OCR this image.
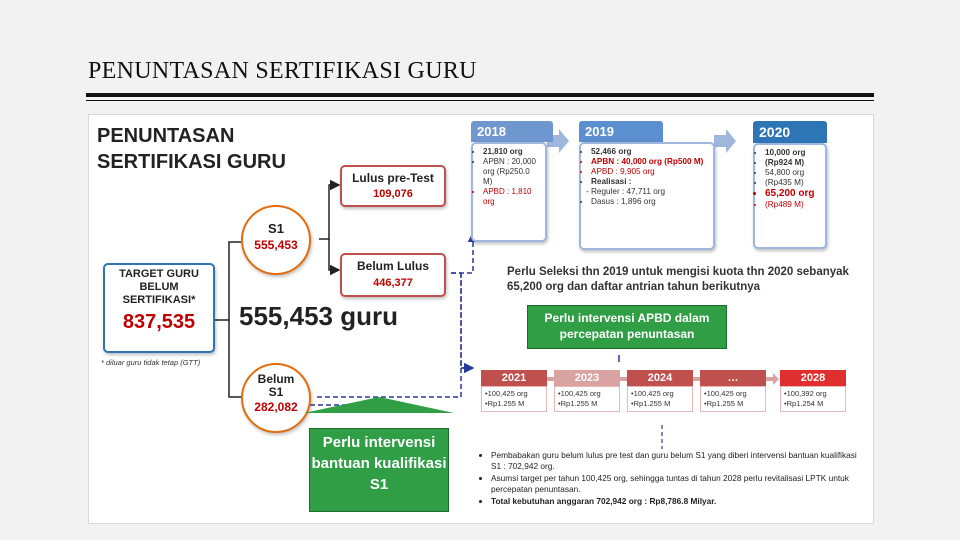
PENUNTASAN SERTIFIKASI GURU
PENUNTASAN SERTIFIKASI GURU
TARGET GURU BELUM SERTIFIKASI*
837,535
* diluar guru tidak tetap (GTT)
S1
555,453
Belum S1
282,082
555,453 guru
Lulus pre-Test
109,076
Belum Lulus
446,377
2018
• 21,810 org
• APBN : 20,000 org (Rp250.0 M)
• APBD : 1,810 org
2019
• 52,466 org
• APBN : 40,000 org (Rp500 M)
• APBD : 9,905 org
• Realisasi :
- Reguler : 47,711 org
• Dasus : 1,896 org
2020
• 10,000 org
• (Rp924 M)
• 54,800 org
• (Rp435 M)
• 65,200 org
• (Rp489 M)
Perlu Seleksi thn 2019 untuk mengisi kuota thn 2020 sebanyak 65,200 org dan daftar antrian tahun berikutnya
Perlu intervensi APBD dalam percepatan penuntasan
2021
•100,425 org
•Rp1.255 M
2023
•100,425 org
•Rp1.255 M
2024
•100,425 org
•Rp1.255 M
…
•100,425 org
•Rp1.255 M
2028
•100,392 org
•Rp1.254 M
Perlu intervensi bantuan kualifikasi S1
• Pembabakan guru belum lulus pre test dan guru belum S1 yang diberi intervensi bantuan kualifikasi S1 : 702,942 org.
• Asumsi target per tahun 100,425 org, sehingga tuntas di tahun 2028 perlu revitalisasi LPTK untuk percepatan penuntasan.
• Total kebutuhan anggaran 702,942 org : Rp8,786.8 Milyar.
